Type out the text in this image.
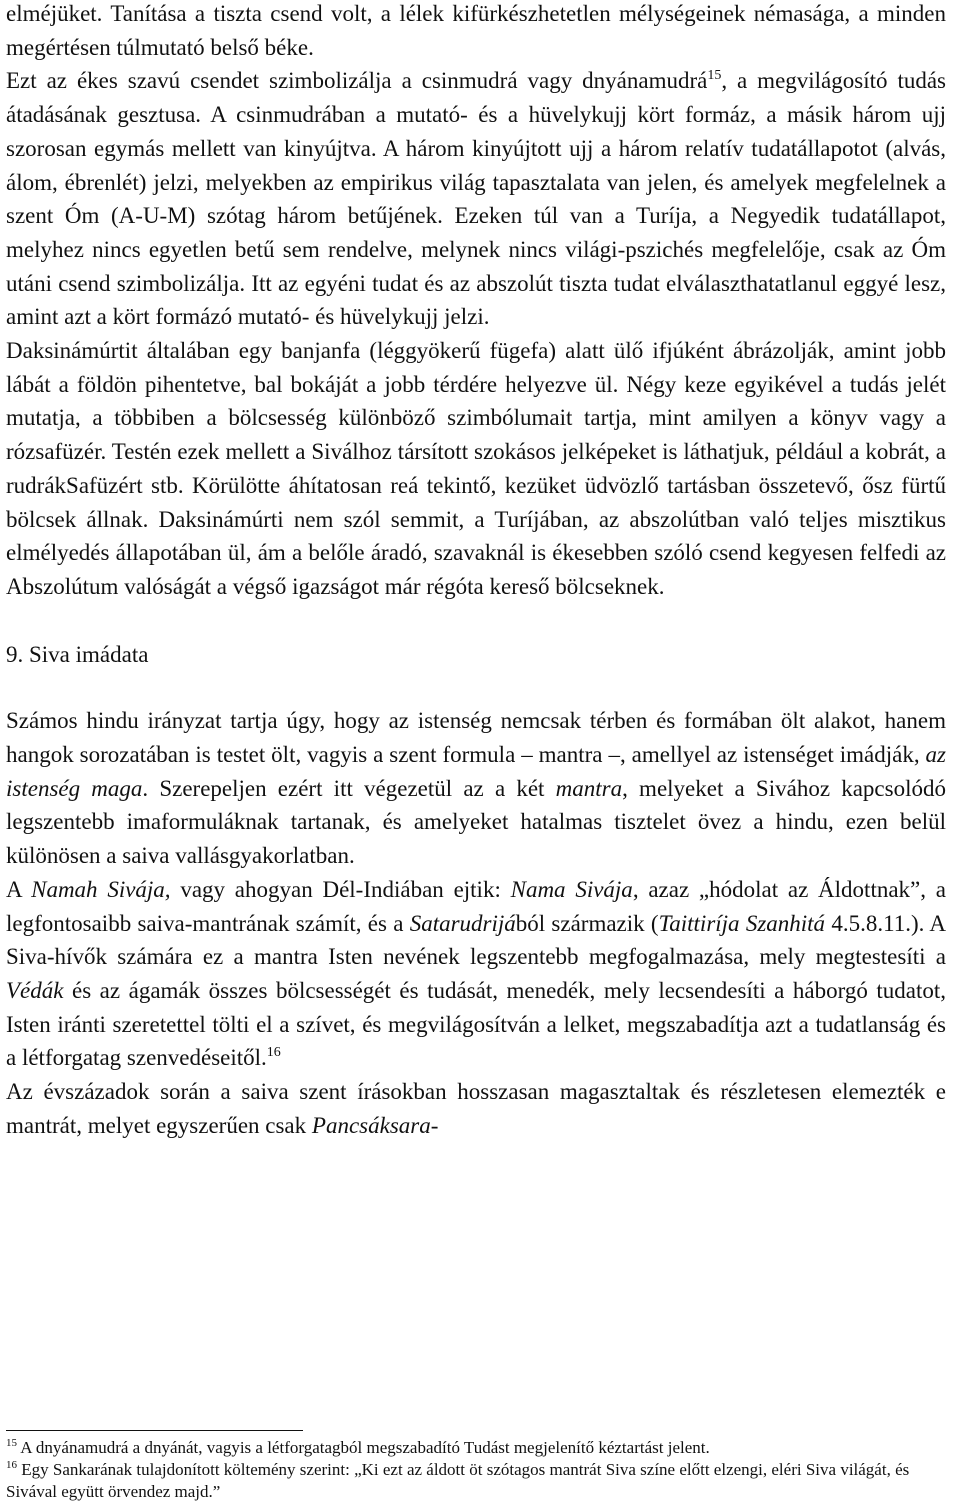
elméjüket. Tanítása a tiszta csend volt, a lélek kifürkészhetetlen mélységeinek némasága, a minden megértésen túlmutató belső béke.

Ezt az ékes szavú csendet szimbolizálja a csinmudrá vagy dnyánamudrá$^{15}$, a megvilágosító tudás átadásának gesztusa. A csinmudrában a mutató- és a hüvelykujj kört formáz, a másik három ujj szorosan egymás mellett van kinyújtva. A három kinyújtott ujj a három relatív tudatállapotot (alvás, álom, ébrenlét) jelzi, melyekben az empirikus világ tapasztalata van jelen, és amelyek megfelelnek a szent Óm (A-U-M) szótag három betűjének. Ezeken túl van a Turíja, a Negyedik tudatállapot, melyhez nincs egyetlen betű sem rendelve, melynek nincs világi-pszichés megfelelője, csak az Óm utáni csend szimbolizálja. Itt az egyéni tudat és az abszolút tiszta tudat elválaszthatatlanul eggyé lesz, amint azt a kört formázó mutató- és hüvelykujj jelzi.

Daksinámúrtit általában egy banjanfa (léggyökerű fügefa) alatt ülő ifjúként ábrázolják, amint jobb lábát a földön pihentetve, bal bokáját a jobb térdére helyezve ül. Négy keze egyikével a tudás jelét mutatja, a többiben a bölcsesség különböző szimbólumait tartja, mint amilyen a könyv vagy a rózsafüzér. Testén ezek mellett a Siválhoz társított szokásos jelképeket is láthatjuk, például a kobrát, a rudrákSafüzért stb. Körülötte áhítatosan reá tekintő, kezüket üdvözlő tartásban összetevő, ősz fürtű bölcsek állnak. Daksinámúrti nem szól semmit, a Turíjában, az abszolútban való teljes misztikus elmélyedés állapotában ül, ám a belőle áradó, szavaknál is ékesebben szóló csend kegyesen felfedi az Abszolútum valóságát a végső igazságot már régóta kereső bölcseknek.

9. Siva imádata

Számos hindu irányzat tartja úgy, hogy az istenség nemcsak térben és formában ölt alakot, hanem hangok sorozatában is testet ölt, vagyis a szent formula – mantra –, amellyel az istenséget imádják, az istenség maga. Szerepeljen ezért itt végezetül az a két mantra, melyeket a Sivához kapcsolódó legszentebb imaformuláknak tartanak, és amelyeket hatalmas tisztelet övez a hindu, ezen belül különösen a saiva vallásgyakorlatban.

A Namah Sivája, vagy ahogyan Dél-Indiában ejtik: Nama Sivája, azaz „hódolat az Áldottnak”, a legfontosaibb saiva-mantrának számít, és a Satarudrijából származik (Taittiríja Szanhitá 4.5.8.11.). A Siva-hívők számára ez a mantra Isten nevének legszentebb megfogalmazása, mely megtestesíti a Védák és az ágamák összes bölcsességét és tudását, menedék, mely lecsendesíti a háborgó tudatot, Isten iránti szeretettel tölti el a szívet, és megvilágosítván a lelket, megszabadítja azt a tudatlanság és a létforgatag szenvedéseitől.$^{16}$

Az évszázadok során a saiva szent írásokban hosszasan magasztaltak és részletesen elemezték e mantrát, melyet egyszerűen csak Pancsáksara-

$^{15}$ A dnyánamudrá a dnyánát, vagyis a létforgatagból megszabadító Tudást megjelenítő kéztartást jelent.

$^{16}$ Egy Sankarának tulajdonított költemény szerint: „Ki ezt az áldott öt szótagos mantrát Siva színe előtt elzengi, eléri Siva világát, és Sivával együtt örvendez majd.”
